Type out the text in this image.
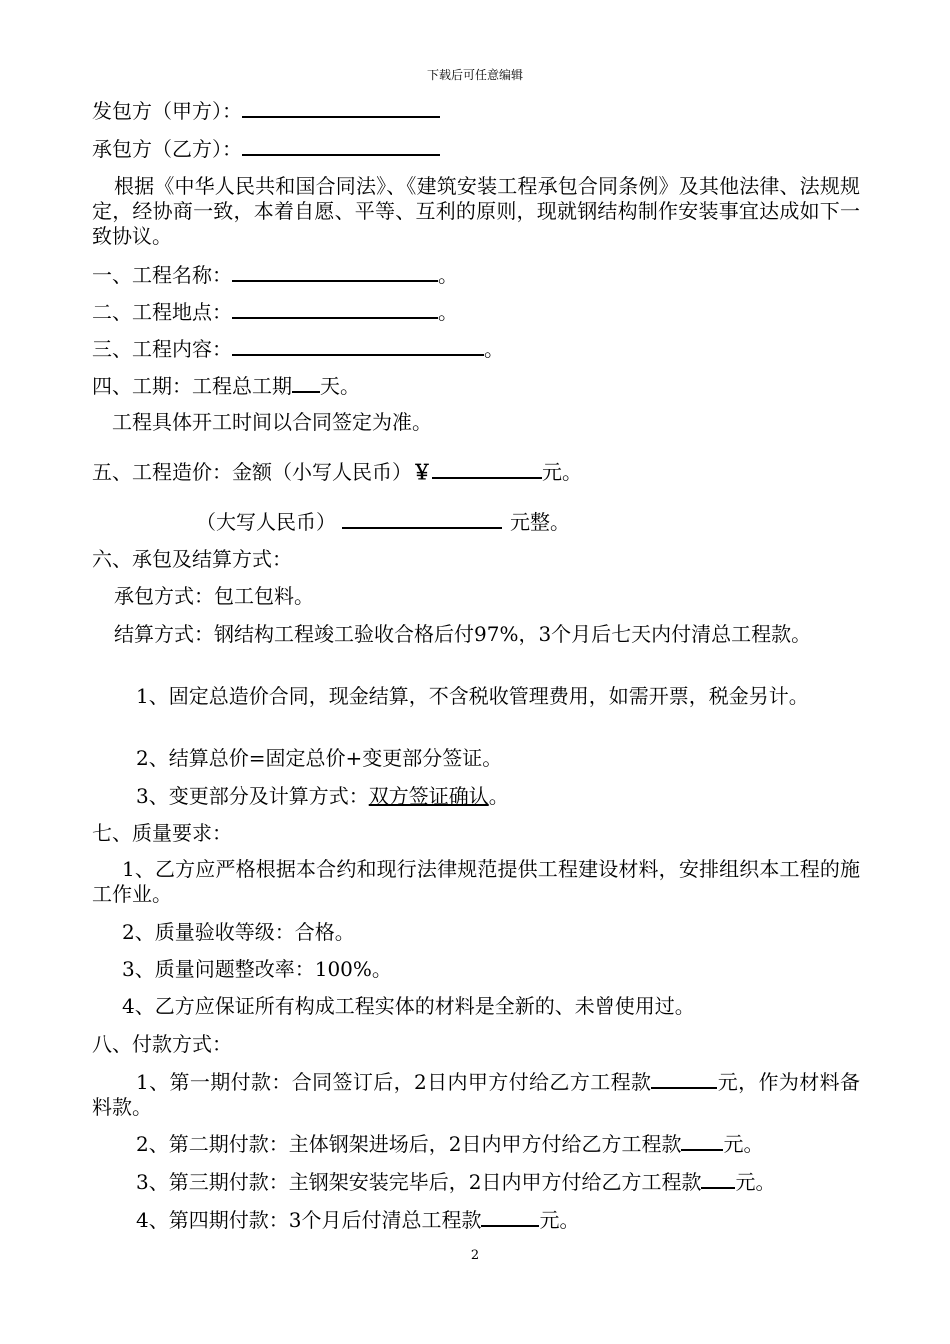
下载后可任意编辑
发包方（甲方）：
承包方（乙方）：
根据《中华人民共和国合同法》、《建筑安装工程承包合同条例》及其他法律、法规规定，经协商一致，本着自愿、平等、互利的原则，现就钢结构制作安装事宜达成如下一致协议。
一、工程名称：	。
二、工程地点：	。
三、工程内容：	。
四、工期：工程总工期 天。
工程具体开工时间以合同签定为准。
五、工程造价：金额（小写人民币）￥	元。
（大写人民币）	元整。
六、承包及结算方式：
承包方式：包工包料。
结算方式：钢结构工程竣工验收合格后付97%，3个月后七天内付清总工程款。
1、固定总造价合同，现金结算，不含税收管理费用，如需开票，税金另计。
2、结算总价=固定总价+变更部分签证。
3、变更部分及计算方式：双方签证确认。
七、质量要求：
1、乙方应严格根据本合约和现行法律规范提供工程建设材料，安排组织本工程的施工作业。
2、质量验收等级：合格。
3、质量问题整改率：100%。
4、乙方应保证所有构成工程实体的材料是全新的、未曾使用过。
八、付款方式：
1、第一期付款：合同签订后，2日内甲方付给乙方工程款	元，作为材料备料款。
2、第二期付款：主体钢架进场后，2日内甲方付给乙方工程款 元。
3、第三期付款：主钢架安装完毕后，2日内甲方付给乙方工程款 元。
4、第四期付款：3个月后付清总工程款	元。
2
